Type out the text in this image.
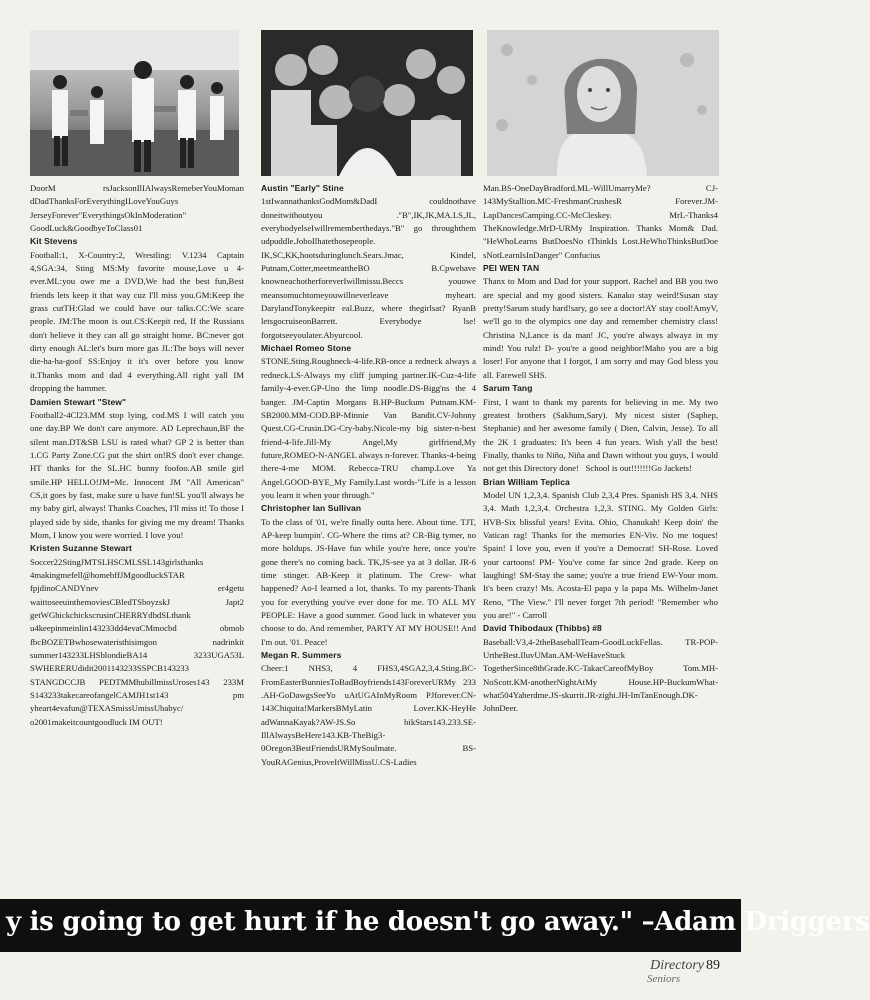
DoorM rsJacksonIlIAlwaysRemeberYouMoman dDadThanksForEverythingILoveYouGuys JerseyForever"EverythingsOkInModeration" GoodLuck&GoodbyeToClass01

Kit Stevens

Football:1, X-Country:2, Wrestling: V.1234 Captain 4,SGA:34, Sting MS:My favorite mouse,Love u 4-ever.ML:you owe me a DVD,We had the best fun,Best friends lets keep it that way cuz I'll miss you.GM:Keep the grass cutTH:Glad we could have our talks.CC:We scare people. JM:The moon is out.CS:Keepit red, If the Russians don't believe it they can all go straight home. BC:never got dirty enough AL:let's burn more gas JL:The boys will never die-ha-ha-goof SS:Enjoy it it's over before you know it.Thanks mom and dad 4 everything.All right yall IM dropping the hammer.

Damien Stewart "Stew"

Football2-4Cl23.MM stop lying, cod.MS I will catch you one day.BP We don't care anymore. AD Leprechaun,BF the silent man.DT&SB LSU is rated what? GP 2 is better than 1.CG Party Zone.CG put the shirt on!RS don't ever change. HT thanks for the SL.HC bunny foofoo.AB smile girl smile.HP HELLO!JM=Mc. Innocent JM "All American" CS,it goes by fast, make sure u have fun!SL you'll always be my baby girl, always! Thanks Coaches, I'll miss it! To those I played side by side, thanks for giving me my dream! Thanks Mom, I know you were worried. I love you!

Kristen Suzanne Stewart

Soccer22StingJMTSLHSCMLSSL143girlsthanks 4makingmefell@homebffJMgoodluckSTAR fpjdinoCANDYnev er4getu waittoseeuinthemoviesCBledTSboyzskJ Japt2 getWGhickchickscrusinCHERRYdbdSLthank u4keepinmeinlin143233dd4evaCMmocbd obmob fbcBOZETBwhosewateristhisimgon nadrinkit summer143233LHSblondieBA14 3233UGA53L SWHERERUdidit2001143233SSPCB143233 STANGDCCJB PEDTMMhubillmissUroses143 233M S143233takecareofangelCAMJH1st143 pm yheart4evafun@TEXASmissUmissUbabyc/ o2001makeitcountgoodluck IM OUT!

Austin "Early" Stine

1stIwannathanksGodMom&DadI couldnothave doneitwithoutyou ."B",IK,JK,MA.LS,JL, everybodyelseIwillrememberthedays."B" go throughthem udpuddle.JoboIlhatethosepeople. IK,SC,KK,hootsduringlunch.Sears.Jmac, Kindel, Putnam,Cotter,meetmeattheBO B.Cpwehave knowneachotherforeverIwillmissu.Beccs youowe meansomuchtomeyouwillneverleave myheart. DarylandTonykeepitr eal.Buzz, where thegirlsat? RyanB letsgocruiseonBarrett. Everybodye lse! forgotseeyoulater.Abyurcool.

Michael Romeo Stone

STONE.Sting.Roughneck-4-life.RB-once a redneck always a redneck.LS-Always my cliff jumping partner.IK-Cuz-4-life family-4-ever.GP-Uno the limp noodle.DS-Bigg'ns the 4 banger. JM-Captin Morgans B.HP-Buckum Putnam.KM-SB2000.MM-COD.BP-Minnie Van Bandit.CV-Johnny Quest.CG-Crusin.DG-Cry-baby.Nicole-my big sister-n-best friend-4-life.Jill-My Angel,My girlfriend,My future,ROMEO-N-ANGEL always n-forever. Thanks-4-being there-4-me MOM. Rebecca-TRU champ.Love Ya Angel.GOOD-BYE_My Family.Last words-"Life is a lesson you learn it when your through."

Christopher Ian Sullivan

To the class of '01, we're finally outta here. About time. TJT, AP-keep bumpin'. CG-Where the rims at? CR-Big tymer, no more holdups. JS-Have fun while you're here, once you're gone there's no coming back. TK,JS-see ya at 3 dollar. JR-6 time stinger. AB-Keep it platinum. The Crew- what happened? Ao-I learned a lot, thanks. To my parents-Thank you for everything you've ever done for me. TO ALL MY PEOPLE: Have a good summer. Good luck in whatever you choose to do. And remember, PARTY AT MY HOUSE!! And I'm out. '01. Peace!

Megan R. Summers

Cheer:1 NHS3, 4 FHS3,4SGA2,3,4.Sting.BC-FromEasterBunniesToBadBoyfriends143ForeverURMy 233 .AH-GoDawgsSeeYo uAtUGAInMyRoom PJforever.CN-143Chiquita!MarkersBMyLatin Lover.KK-HeyHe adWannaKayak?AW-JS.So bikStars143.233.SE-IllAlwaysBeHere143.KB-TheBig3-0Oregon3BestFriendsURMySoulmate. BS-YouRAGenius,ProveItWillMissU.CS-Ladies

Man.BS-OneDayBradford.ML-WillUmarryMe? CJ-143MyStallion.MC-FreshmanCrushesR Forever.JM-LapDancesCamping.CC-McCleskey. MrL-Thanks4 TheKnowledge.MrD-URMy Inspiration. Thanks Mom& Dad. "HeWhoLearns ButDoesNo tThinkIs Lost.HeWhoThinksButDoe sNotLearnIsInDanger" Confucius

PEI WEN TAN

Thanx to Mom and Dad for your support. Rachel and BB you two are special and my good sisters. Kanako stay weird!Susan stay pretty!Sarum study hard!sary, go see a doctor!AY stay cool!AmyV, we'll go to the olympics one day and remember chemistry class! Christina N,Lance is da man! JC, you're always alwayz in my mind! You rulz! D- you're a good neighbor!Maho you are a big loser! For anyone that I forgot, I am sorry and may God bless you all. Farewell SHS.

Sarum Tang

First, I want to thank my parents for believing in me. My two greatest brothers (Sakhum,Sary). My nicest sister (Saphep, Stephanie) and her awesome family ( Dien, Calvin, Jesse). To all the 2K 1 graduates: It's been 4 fun years. Wish y'all the best! Finally, thanks to Niño, Niña and Dawn without you guys, I would not get this Directory done!   School is out!!!!!!!Go Jackets!

Brian William Teplica

Model UN 1,2,3,4. Spanish Club 2,3,4 Pres. Spanish HS 3,4. NHS 3,4. Math 1,2,3,4. Orchestra 1,2,3. STING. My Golden Girls: HVB-Six blissful years! Evita. Ohio, Chanukah! Keep doin' the Vatican rag! Thanks for the memories EN-Viv. No me toques! Spain! I love you, even if you're a Democrat! SH-Rose. Loved your cartoons! PM- You've come far since 2nd grade. Keep on laughing! SM-Stay the same; you're a true friend EW-Your mom. It's been crazy! Ms. Acosta-El papa y la papa Ms. Wilhelm-Janet Reno, "The View." I'll never forget 7th period! "Remember who you are!" - Carroll

David Thibodaux (Thibbs) #8

Baseball:V3,4-2theBaseballTeam-GoodLuckFellas. TR-POP-UrtheBest.IluvUMan.AM-WeHaveStuck TogetherSince8thGrade.KC-TakacCareofMyBoy Tom.MH-NoScott.KM-anotherNightAtMy House.HP-BuckumWhat-what504Yaherdme.JS-skurrit.JR-zighi.JH-ImTanEnough.DK-JohnDeer.

y is going to get hurt if he doesn't go away." –Adam Driggers
Directory 89
Seniors
